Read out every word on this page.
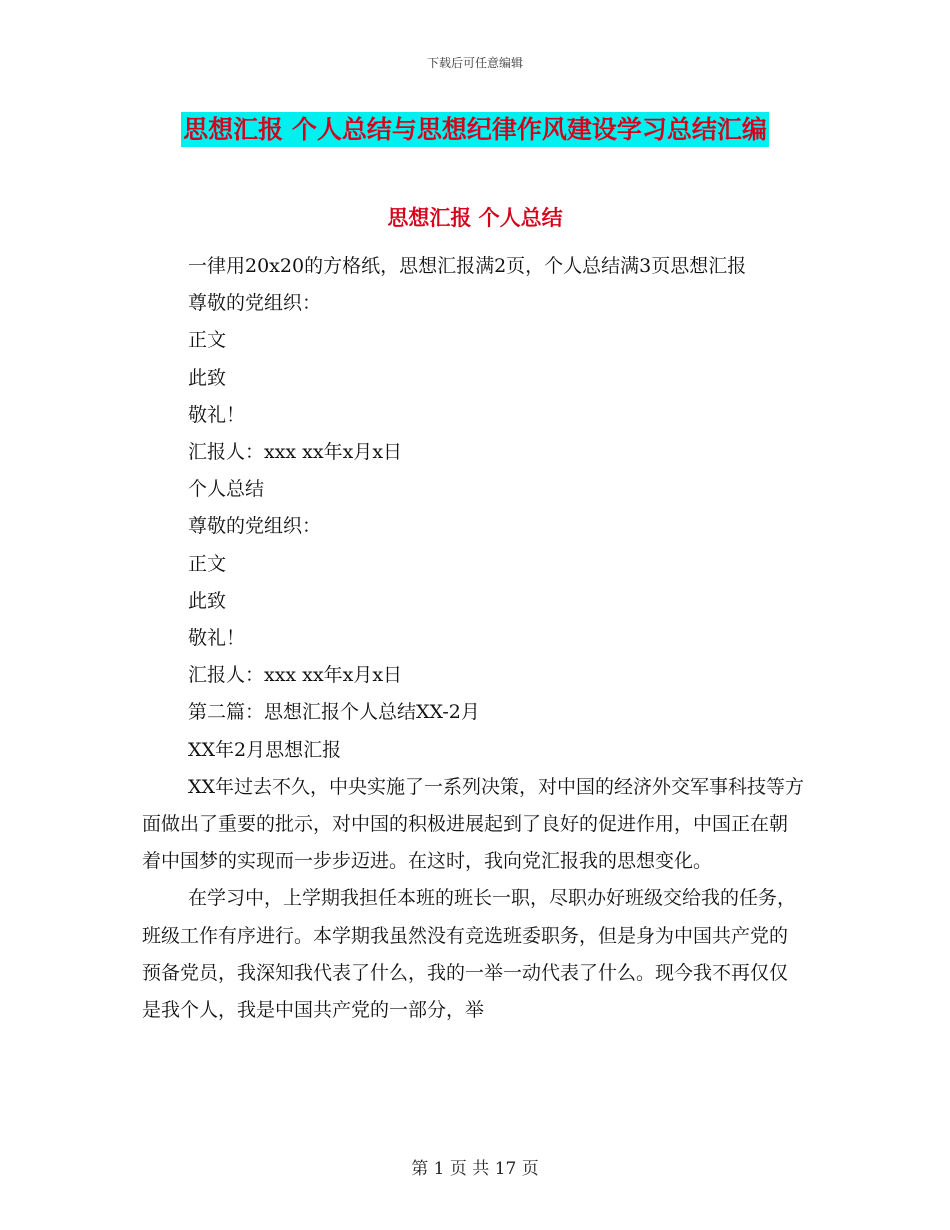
下载后可任意编辑
思想汇报 个人总结与思想纪律作风建设学习总结汇编
思想汇报 个人总结

一律用20x20的方格纸，思想汇报满2页，个人总结满3页思想汇报

尊敬的党组织：

正文

此致

敬礼！

汇报人：xxx xx年x月x日

个人总结

尊敬的党组织：

正文

此致

敬礼！

汇报人：xxx xx年x月x日

第二篇：思想汇报个人总结XX-2月

XX年2月思想汇报

XX年过去不久，中央实施了一系列决策，对中国的经济外交军事科技等方面做出了重要的批示，对中国的积极进展起到了良好的促进作用，中国正在朝着中国梦的实现而一步步迈进。在这时，我向党汇报我的思想变化。

在学习中，上学期我担任本班的班长一职，尽职办好班级交给我的任务，班级工作有序进行。本学期我虽然没有竞选班委职务，但是身为中国共产党的预备党员，我深知我代表了什么，我的一举一动代表了什么。现今我不再仅仅是我个人，我是中国共产党的一部分，举

第 1 页 共 17 页
